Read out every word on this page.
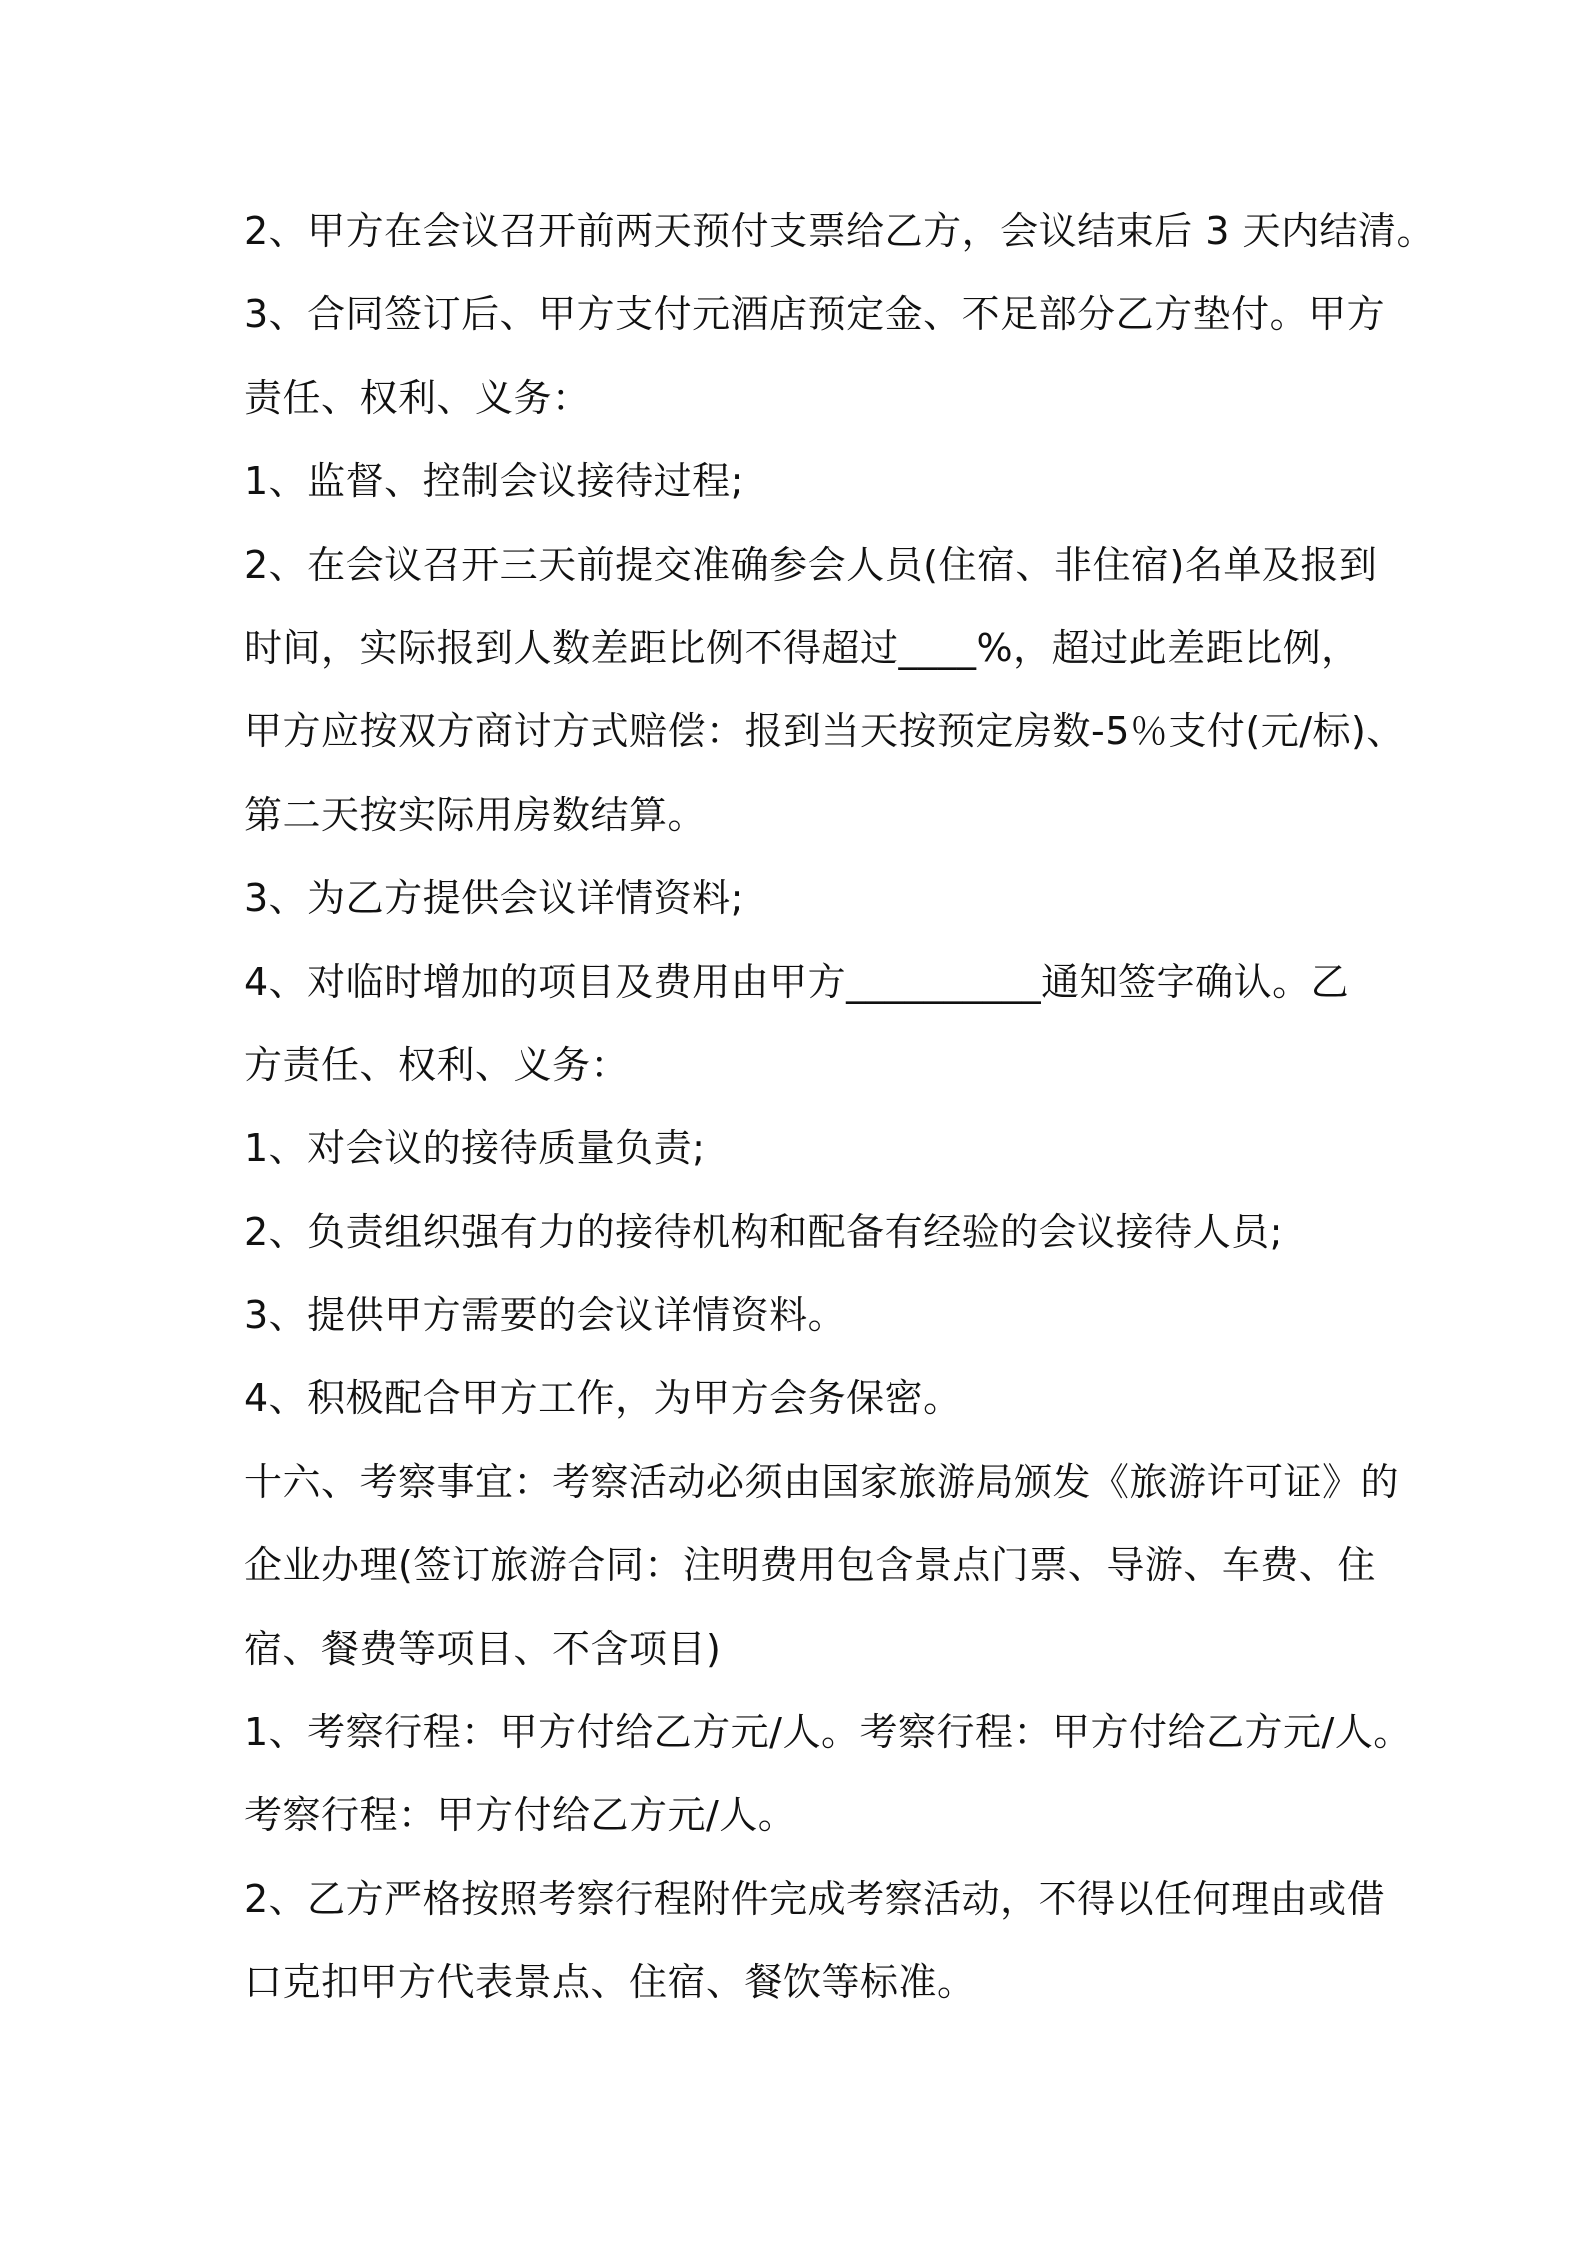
2、甲方在会议召开前两天预付支票给乙方，会议结束后 3 天内结清。
3、合同签订后、甲方支付元酒店预定金、不足部分乙方垫付。甲方
责任、权利、义务：
1、监督、控制会议接待过程;
2、在会议召开三天前提交准确参会人员(住宿、非住宿)名单及报到
时间，实际报到人数差距比例不得超过____%，超过此差距比例，
甲方应按双方商讨方式赔偿：报到当天按预定房数-5％支付(元/标)、
第二天按实际用房数结算。
3、为乙方提供会议详情资料;
4、对临时增加的项目及费用由甲方__________通知签字确认。乙
方责任、权利、义务：
1、对会议的接待质量负责;
2、负责组织强有力的接待机构和配备有经验的会议接待人员;
3、提供甲方需要的会议详情资料。
4、积极配合甲方工作，为甲方会务保密。
十六、考察事宜：考察活动必须由国家旅游局颁发《旅游许可证》的
企业办理(签订旅游合同：注明费用包含景点门票、导游、车费、住
宿、餐费等项目、不含项目)
1、考察行程：甲方付给乙方元/人。考察行程：甲方付给乙方元/人。
考察行程：甲方付给乙方元/人。
2、乙方严格按照考察行程附件完成考察活动，不得以任何理由或借
口克扣甲方代表景点、住宿、餐饮等标准。
